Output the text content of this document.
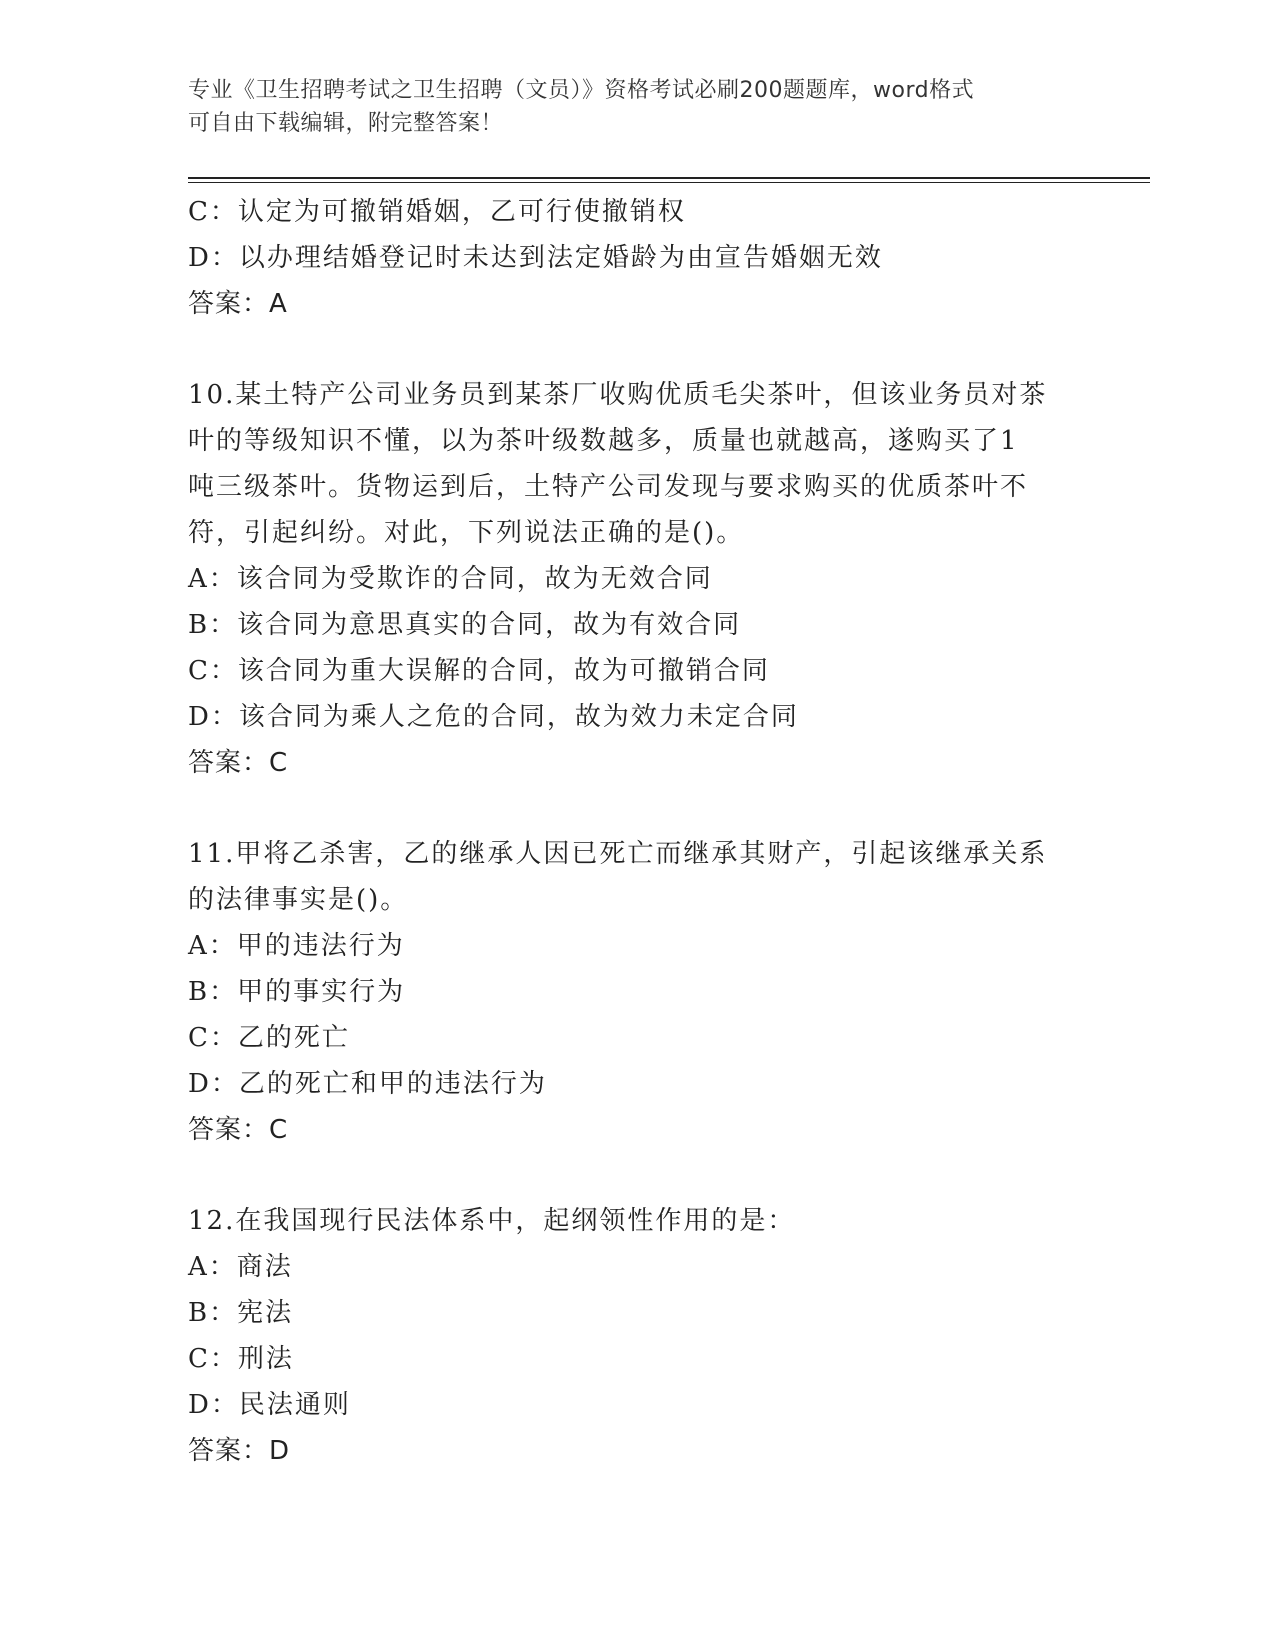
专业《卫生招聘考试之卫生招聘（文员）》资格考试必刷200题题库，word格式
可自由下载编辑，附完整答案！
C：认定为可撤销婚姻，乙可行使撤销权
D：以办理结婚登记时未达到法定婚龄为由宣告婚姻无效
答案：A
10.某土特产公司业务员到某茶厂收购优质毛尖茶叶，但该业务员对茶
叶的等级知识不懂，以为茶叶级数越多，质量也就越高，遂购买了1
吨三级茶叶。货物运到后，土特产公司发现与要求购买的优质茶叶不
符，引起纠纷。对此，下列说法正确的是()。
A：该合同为受欺诈的合同，故为无效合同
B：该合同为意思真实的合同，故为有效合同
C：该合同为重大误解的合同，故为可撤销合同
D：该合同为乘人之危的合同，故为效力未定合同
答案：C
11.甲将乙杀害，乙的继承人因已死亡而继承其财产，引起该继承关系
的法律事实是()。
A：甲的违法行为
B：甲的事实行为
C：乙的死亡
D：乙的死亡和甲的违法行为
答案：C
12.在我国现行民法体系中，起纲领性作用的是：
A：商法
B：宪法
C：刑法
D：民法通则
答案：D
